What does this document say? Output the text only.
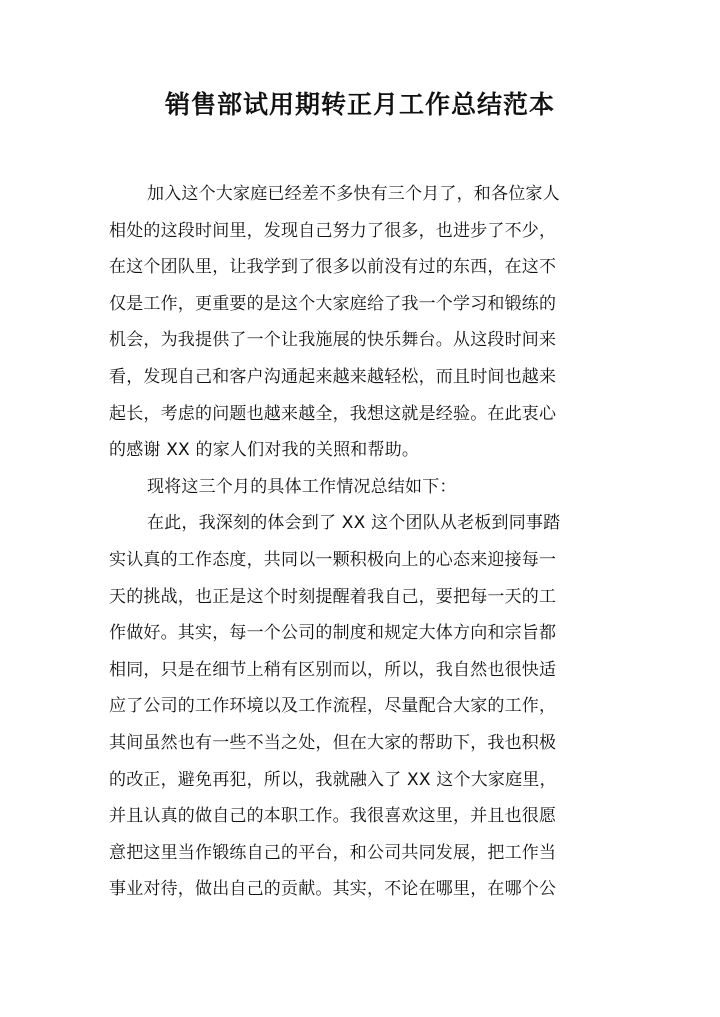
销售部试用期转正月工作总结范本
加入这个大家庭已经差不多快有三个月了，和各位家人
相处的这段时间里，发现自己努力了很多，也进步了不少，
在这个团队里，让我学到了很多以前没有过的东西，在这不
仅是工作，更重要的是这个大家庭给了我一个学习和锻练的
机会，为我提供了一个让我施展的快乐舞台。从这段时间来
看，发现自己和客户沟通起来越来越轻松，而且时间也越来
起长，考虑的问题也越来越全，我想这就是经验。在此衷心
的感谢 XX 的家人们对我的关照和帮助。
现将这三个月的具体工作情况总结如下：
在此，我深刻的体会到了 XX 这个团队从老板到同事踏
实认真的工作态度，共同以一颗积极向上的心态来迎接每一
天的挑战，也正是这个时刻提醒着我自己，要把每一天的工
作做好。其实，每一个公司的制度和规定大体方向和宗旨都
相同，只是在细节上稍有区别而以，所以，我自然也很快适
应了公司的工作环境以及工作流程，尽量配合大家的工作，
其间虽然也有一些不当之处，但在大家的帮助下，我也积极
的改正，避免再犯，所以，我就融入了 XX 这个大家庭里，
并且认真的做自己的本职工作。我很喜欢这里，并且也很愿
意把这里当作锻练自己的平台，和公司共同发展，把工作当
事业对待，做出自己的贡献。其实，不论在哪里，在哪个公
